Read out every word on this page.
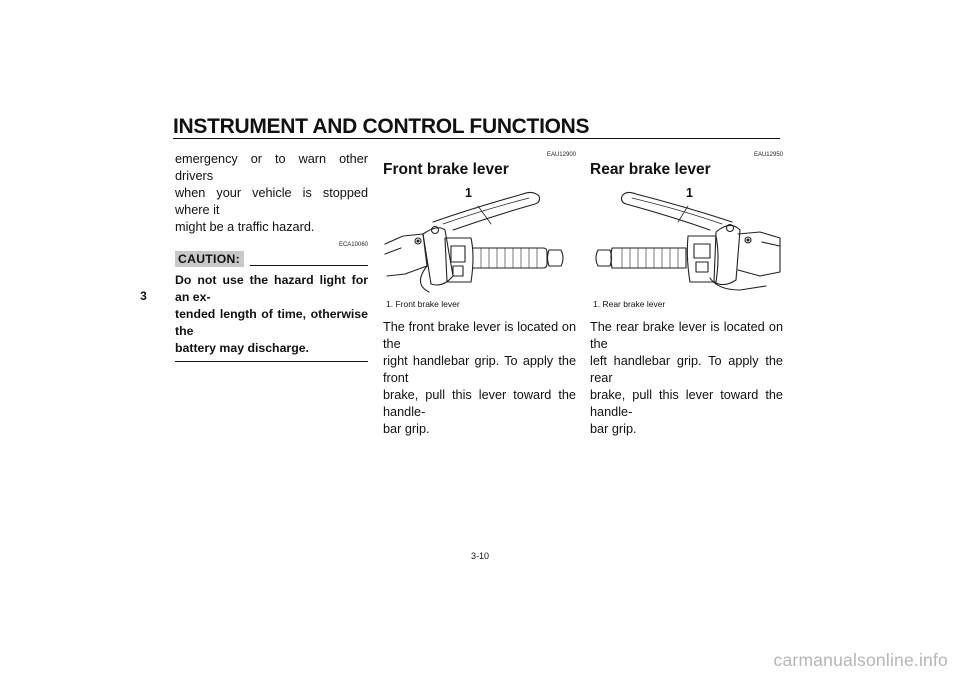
INSTRUMENT AND CONTROL FUNCTIONS
3

emergency or to warn other drivers
when your vehicle is stopped where it
might be a traffic hazard.

ECA10060
CAUTION:

Do not use the hazard light for an ex-
tended length of time, otherwise the
battery may discharge.

EAU12900
Front brake lever
1
1. Front brake lever

The front brake lever is located on the
right handlebar grip. To apply the front
brake, pull this lever toward the handle-
bar grip.

EAU12950
Rear brake lever
1
1. Rear brake lever

The rear brake lever is located on the
left handlebar grip. To apply the rear
brake, pull this lever toward the handle-
bar grip.

3-10
carmanualsonline.info
